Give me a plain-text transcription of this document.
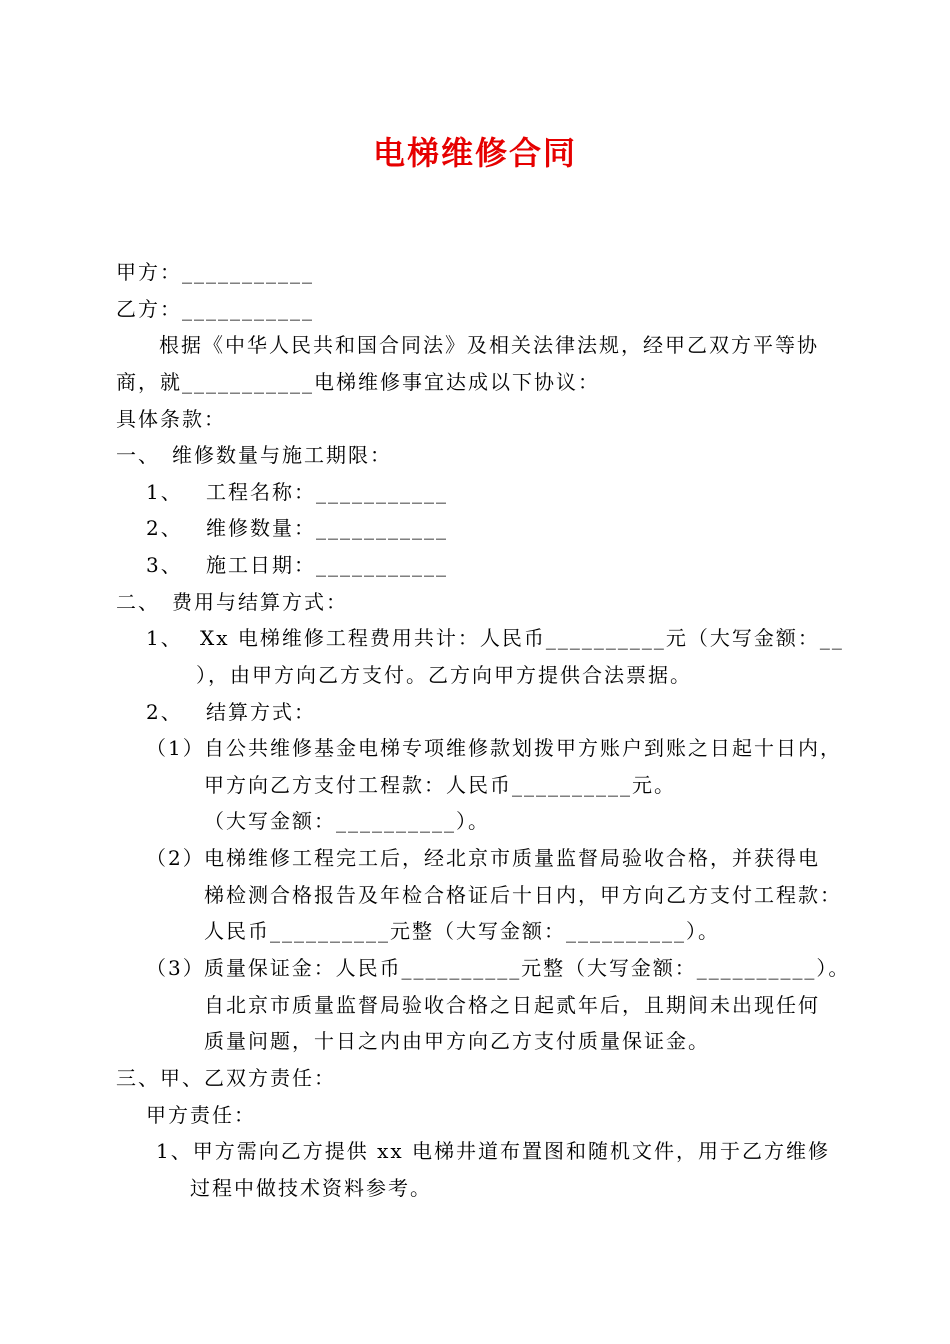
电梯维修合同
甲方：___________
乙方：___________
根据《中华人民共和国合同法》及相关法律法规，经甲乙双方平等协
商，就___________电梯维修事宜达成以下协议：
具体条款：
一、 维修数量与施工期限：
1、 工程名称：___________
2、 维修数量：___________
3、 施工日期：___________
二、 费用与结算方式：
1、 Xx 电梯维修工程费用共计：人民币__________元（大写金额：__
），由甲方向乙方支付。乙方向甲方提供合法票据。
2、 结算方式：
（1） 自公共维修基金电梯专项维修款划拨甲方账户到账之日起十日内，
甲方向乙方支付工程款：人民币__________元。
（大写金额：__________）。
（2） 电梯维修工程完工后，经北京市质量监督局验收合格，并获得电
梯检测合格报告及年检合格证后十日内，甲方向乙方支付工程款：
人民币__________元整（大写金额：__________）。
（3） 质量保证金：人民币__________元整（大写金额：__________）。
自北京市质量监督局验收合格之日起贰年后，且期间未出现任何
质量问题，十日之内由甲方向乙方支付质量保证金。
三、甲、乙双方责任：
甲方责任：
1、甲方需向乙方提供 xx 电梯井道布置图和随机文件，用于乙方维修
过程中做技术资料参考。
